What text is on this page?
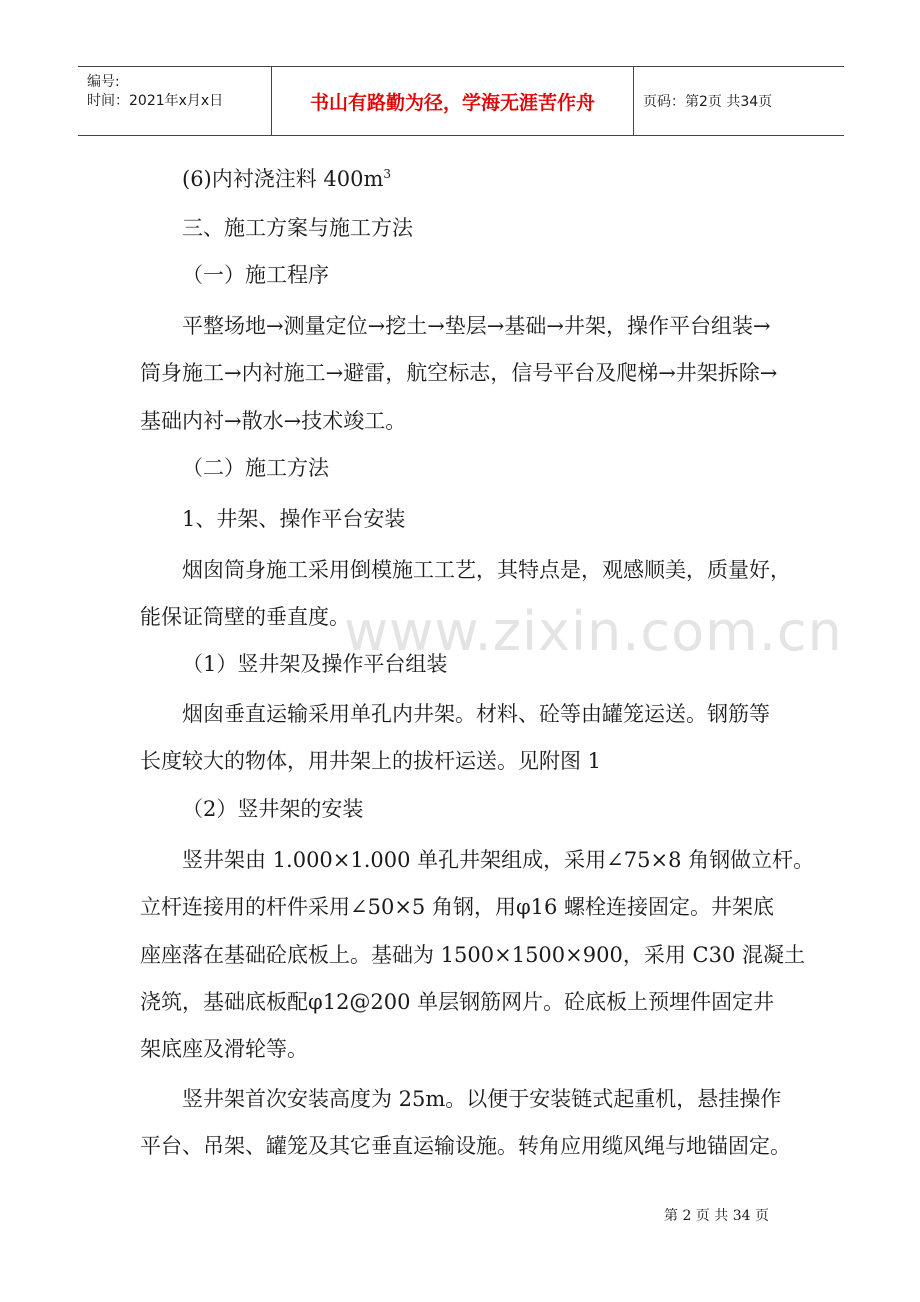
编号:
时间：2021年x月x日	书山有路勤为径，学海无涯苦作舟	页码：第2页 共34页
www.zixin.com.cn

(6)内衬浇注料 $400m^3$

三、施工方案与施工方法

（一）施工程序

平整场地→测量定位→挖土→垫层→基础→井架，操作平台组装→

筒身施工→内衬施工→避雷，航空标志，信号平台及爬梯→井架拆除→

基础内衬→散水→技术竣工。

（二）施工方法

1、井架、操作平台安装

烟囱筒身施工采用倒模施工工艺，其特点是，观感顺美，质量好，

能保证筒壁的垂直度。

（1）竖井架及操作平台组装

烟囱垂直运输采用单孔内井架。材料、砼等由罐笼运送。钢筋等

长度较大的物体，用井架上的拔杆运送。见附图 1

（2）竖井架的安装

竖井架由 1.000×1.000 单孔井架组成，采用∠75×8 角钢做立杆。

立杆连接用的杆件采用∠50×5 角钢，用φ16 螺栓连接固定。井架底

座座落在基础砼底板上。基础为 1500×1500×900，采用 C30 混凝土

浇筑，基础底板配φ12@200 单层钢筋网片。砼底板上预埋件固定井

架底座及滑轮等。

竖井架首次安装高度为 25m。以便于安装链式起重机，悬挂操作

平台、吊架、罐笼及其它垂直运输设施。转角应用缆风绳与地锚固定。

第 2 页 共 34 页
